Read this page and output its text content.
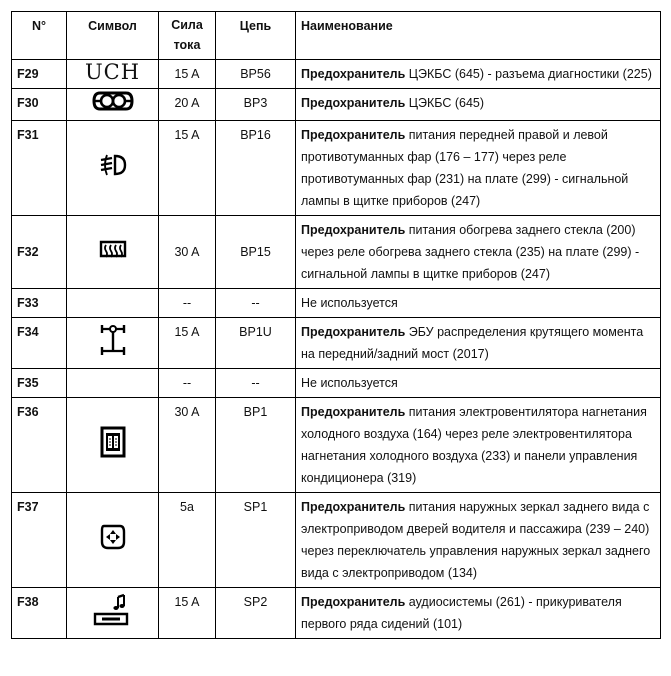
N°	Символ	Сила тока	Цепь	Наименование
F29	UCH	15 A	BP56	Предохранитель ЦЭКБС (645) - разъема диагностики (225)
F30		20 A	BP3	Предохранитель ЦЭКБС (645)
F31		15 A	BP16	Предохранитель питания передней правой и левой противотуманных фар (176 – 177) через реле противотуманных фар (231) на плате (299) - сигнальной лампы в щитке приборов (247)
F32		30 A	BP15	Предохранитель питания обогрева заднего стекла (200) через реле обогрева заднего стекла (235) на плате (299) - сигнальной лампы в щитке приборов (247)
F33		--	--	Не используется
F34		15 A	BP1U	Предохранитель ЭБУ распределения крутящего момента на передний/задний мост (2017)
F35		--	--	Не используется
F36		30 A	BP1	Предохранитель питания электровентилятора нагнетания холодного воздуха (164) через реле электровентилятора нагнетания холодного воздуха (233) и панели управления кондиционера (319)
F37		5a	SP1	Предохранитель питания наружных зеркал заднего вида с электроприводом дверей водителя и пассажира (239 – 240) через переключатель управления наружных зеркал заднего вида с электроприводом (134)
F38		15 A	SP2	Предохранитель аудиосистемы (261) - прикуривателя первого ряда сидений (101)
